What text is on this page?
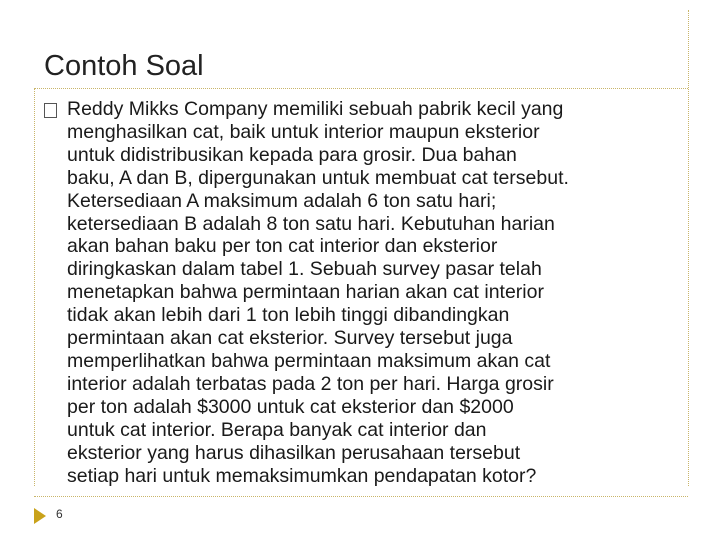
Contoh Soal

Reddy Mikks Company memiliki sebuah pabrik kecil yang
menghasilkan cat, baik untuk interior maupun eksterior
untuk didistribusikan kepada para grosir. Dua bahan
baku, A dan B, dipergunakan untuk membuat cat tersebut.
Ketersediaan A maksimum adalah 6 ton satu hari;
ketersediaan B adalah 8 ton satu hari. Kebutuhan harian
akan bahan baku per ton cat interior dan eksterior
diringkaskan dalam tabel 1. Sebuah survey pasar telah
menetapkan bahwa permintaan harian akan cat interior
tidak akan lebih dari 1 ton lebih tinggi dibandingkan
permintaan akan cat eksterior. Survey tersebut juga
memperlihatkan bahwa permintaan maksimum akan cat
interior adalah terbatas pada 2 ton per hari. Harga grosir
per ton adalah $3000 untuk cat eksterior dan $2000
untuk cat interior. Berapa banyak cat interior dan
eksterior yang harus dihasilkan perusahaan tersebut
setiap hari untuk memaksimumkan pendapatan kotor?

6
